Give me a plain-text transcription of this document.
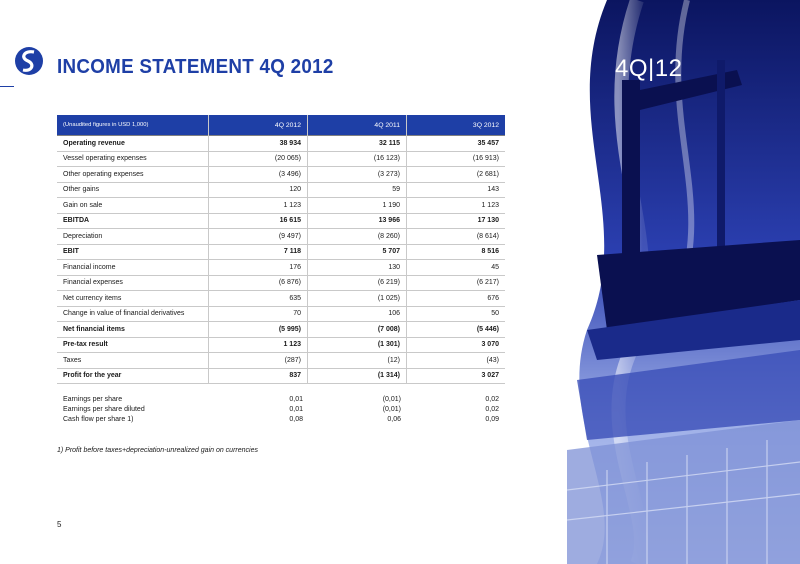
INCOME STATEMENT 4Q 2012
(Unaudited figures in USD 1,000)	4Q 2012	4Q 2011	3Q 2012
Operating revenue	38 934	32 115	35 457
Vessel operating expenses	(20 065)	(16 123)	(16 913)
Other operating expenses	(3 496)	(3 273)	(2 681)
Other gains	120	59	143
Gain on sale	1 123	1 190	1 123
EBITDA	16 615	13 966	17 130
Depreciation	(9 497)	(8 260)	(8 614)
EBIT	7 118	5 707	8 516
Financial income	176	130	45
Financial expenses	(6 876)	(6 219)	(6 217)
Net currency items	635	(1 025)	676
Change in value of financial derivatives	70	106	50
Net financial items	(5 995)	(7 008)	(5 446)
Pre-tax result	1 123	(1 301)	3 070
Taxes	(287)	(12)	(43)
Profit for the year	837	(1 314)	3 027
Earnings per share	0,01	(0,01)	0,02
Earnings per share diluted	0,01	(0,01)	0,02
Cash flow per share 1)	0,08	0,06	0,09
1) Profit before taxes+depreciation-unrealized gain on currencies
5
4Q|12
